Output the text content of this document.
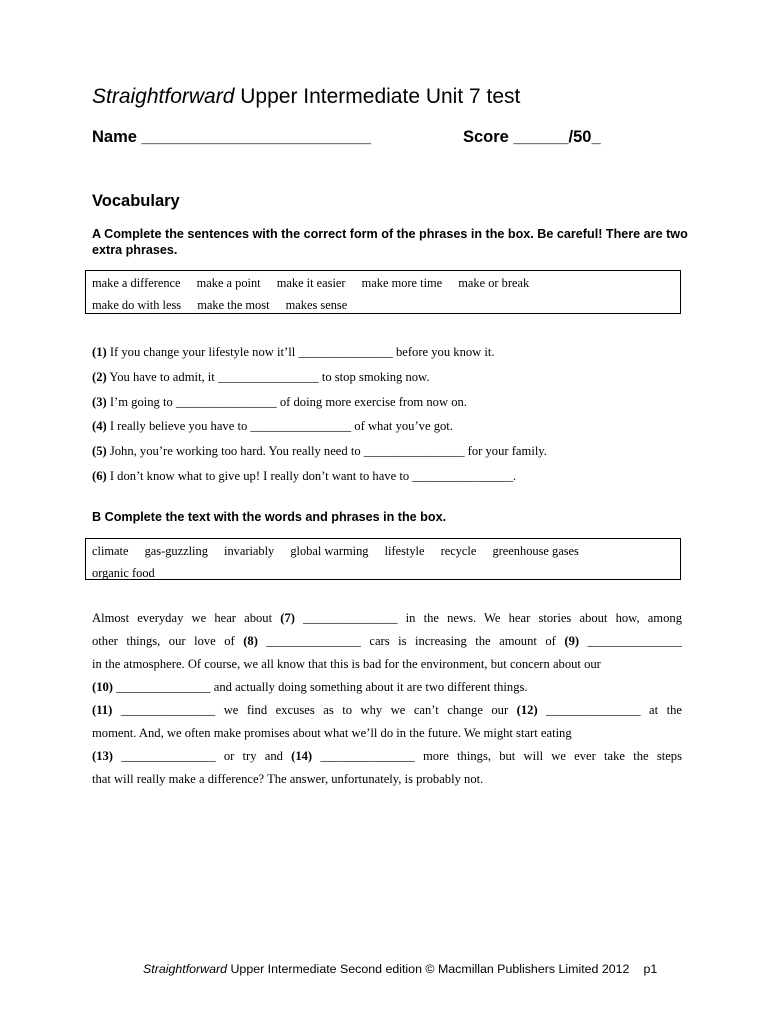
Straightforward Upper Intermediate Unit 7 test
Name _________________________	Score ______/50_
Vocabulary
A Complete the sentences with the correct form of the phrases in the box. Be careful! There are two extra phrases.
make a difference make a point make it easier make more time make or break
make do with less make the most makes sense
(1) If you change your lifestyle now it’ll _______________ before you know it.
(2) You have to admit, it ________________ to stop smoking now.
(3) I’m going to ________________ of doing more exercise from now on.
(4) I really believe you have to ________________ of what you’ve got.
(5) John, you’re working too hard. You really need to ________________ for your family.
(6) I don’t know what to give up! I really don’t want to have to ________________.
B Complete the text with the words and phrases in the box.
climate gas-guzzling invariably global warming lifestyle recycle greenhouse gases
organic food
Almost everyday we hear about (7) _______________ in the news. We hear stories about how, among
other things, our love of (8) _______________ cars is increasing the amount of (9) _______________
in the atmosphere. Of course, we all know that this is bad for the environment, but concern about our
(10) _______________ and actually doing something about it are two different things.
(11) _______________ we find excuses as to why we can’t change our (12) _______________ at the
moment. And, we often make promises about what we’ll do in the future. We might start eating
(13) _______________ or try and (14) _______________ more things, but will we ever take the steps
that will really make a difference? The answer, unfortunately, is probably not.
Straightforward Upper Intermediate Second edition © Macmillan Publishers Limited 2012 p1
